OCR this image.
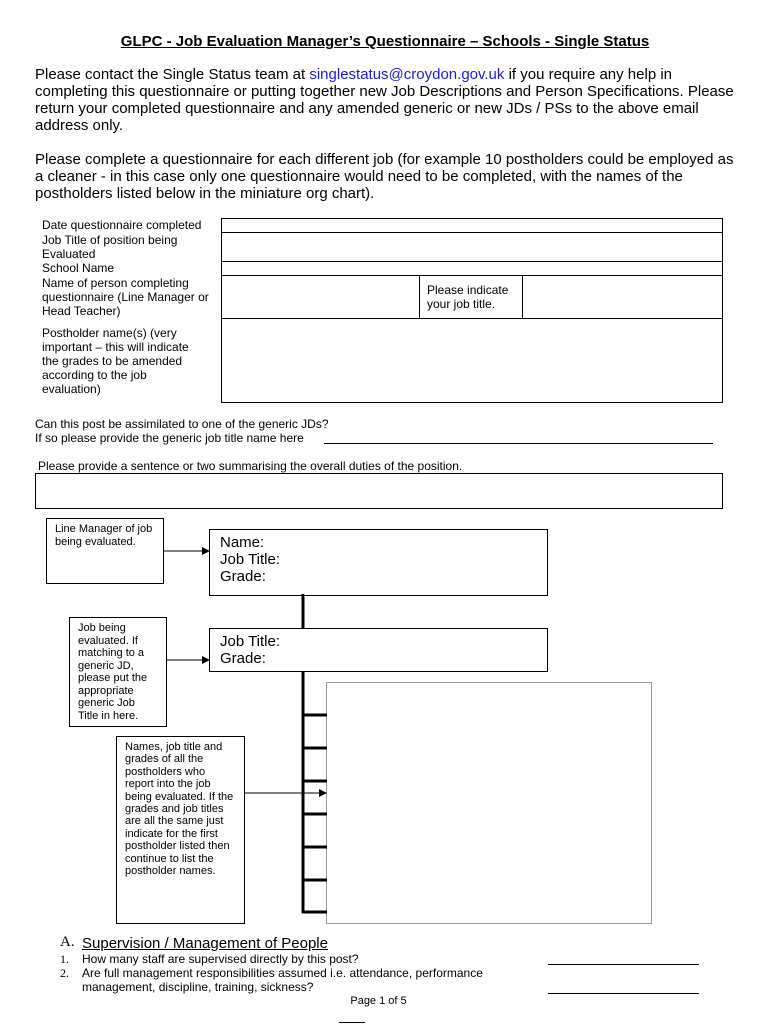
GLPC - Job Evaluation Manager’s Questionnaire – Schools - Single Status
Please contact the Single Status team at singlestatus@croydon.gov.uk if you require any help in completing this questionnaire or putting together new Job Descriptions and Person Specifications. Please return your completed questionnaire and any amended generic or new JDs / PSs to the above email address only.
Please complete a questionnaire for each different job (for example 10 postholders could be employed as a cleaner - in this case only one questionnaire would need to be completed, with the names of the postholders listed below in the miniature org chart).
Date questionnaire completed
Job Title of position being Evaluated
School Name
Name of person completing questionnaire (Line Manager or Head Teacher)
Postholder name(s) (very important – this will indicate the grades to be amended according to the job evaluation)
Please indicate your job title.
Can this post be assimilated to one of the generic JDs?
If so please provide the generic job title name here
Please provide a sentence or two summarising the overall duties of the position.
Line Manager of job being evaluated.
Job being evaluated. If matching to a generic JD, please put the appropriate generic Job Title in here.
Names, job title and grades of all the postholders who report into the job being evaluated. If the grades and job titles are all the same just indicate for the first postholder listed then continue to list the postholder names.
Name:
Job Title:
Grade:
Job Title:
Grade:
A. Supervision / Management of People
1. How many staff are supervised directly by this post?
2. Are full management responsibilities assumed i.e. attendance, performance management, discipline, training, sickness?
Page 1 of 5
